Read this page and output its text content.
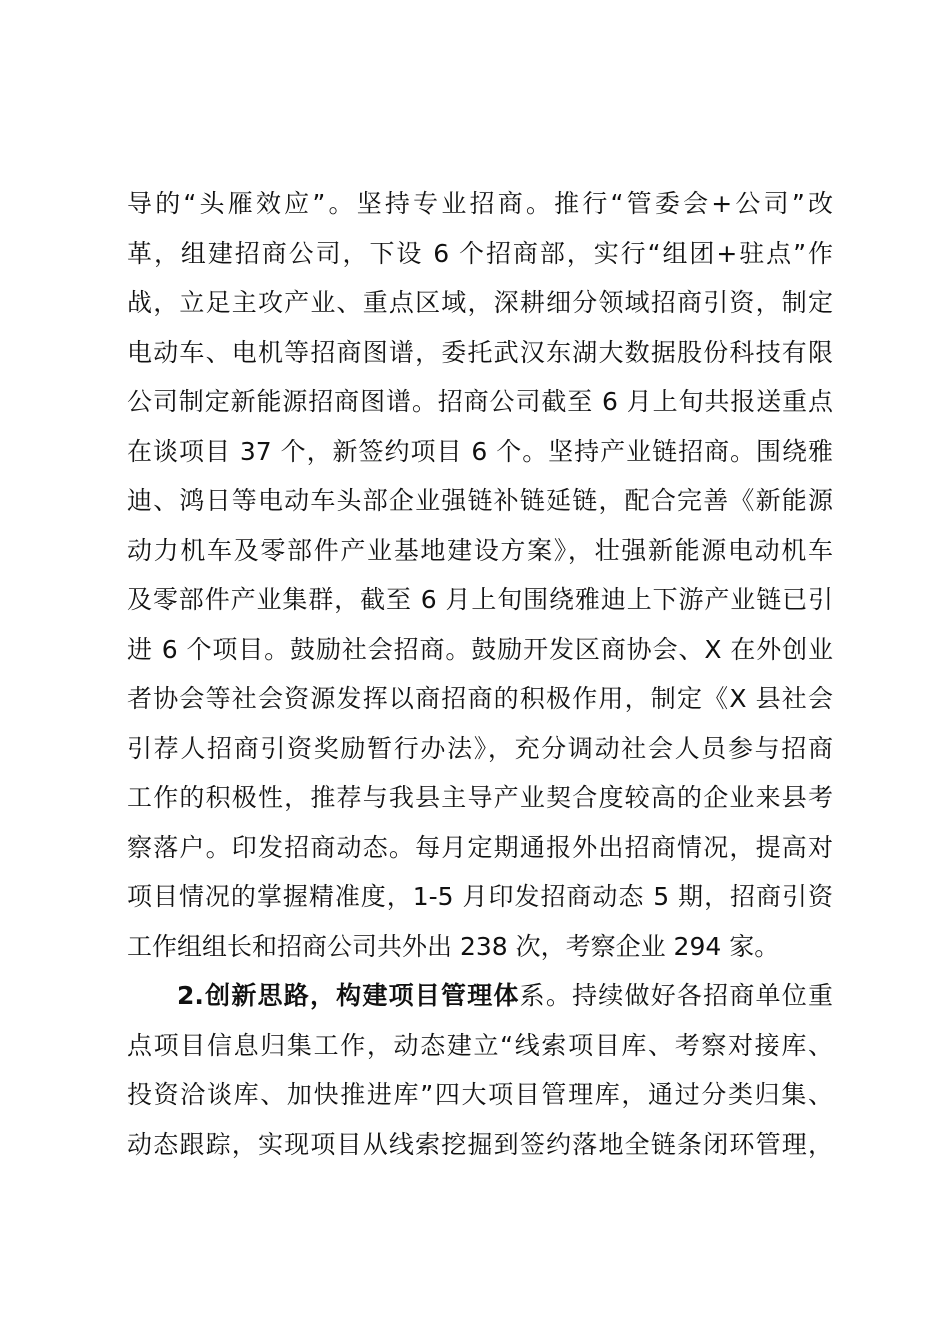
导的“头雁效应”。坚持专业招商。推行“管委会+公司”改
革，组建招商公司，下设 6 个招商部，实行“组团+驻点”作
战，立足主攻产业、重点区域，深耕细分领域招商引资，制定
电动车、电机等招商图谱，委托武汉东湖大数据股份科技有限
公司制定新能源招商图谱。招商公司截至 6 月上旬共报送重点
在谈项目 37 个，新签约项目 6 个。坚持产业链招商。围绕雅
迪、鸿日等电动车头部企业强链补链延链，配合完善《新能源
动力机车及零部件产业基地建设方案》，壮强新能源电动机车
及零部件产业集群，截至 6 月上旬围绕雅迪上下游产业链已引
进 6 个项目。鼓励社会招商。鼓励开发区商协会、X 在外创业
者协会等社会资源发挥以商招商的积极作用，制定《X 县社会
引荐人招商引资奖励暂行办法》，充分调动社会人员参与招商
工作的积极性，推荐与我县主导产业契合度较高的企业来县考
察落户。印发招商动态。每月定期通报外出招商情况，提高对
项目情况的掌握精准度，1-5 月印发招商动态 5 期，招商引资
工作组组长和招商公司共外出 238 次，考察企业 294 家。
2.创新思路，构建项目管理体系。持续做好各招商单位重
点项目信息归集工作，动态建立“线索项目库、考察对接库、
投资洽谈库、加快推进库”四大项目管理库，通过分类归集、
动态跟踪，实现项目从线索挖掘到签约落地全链条闭环管理，
